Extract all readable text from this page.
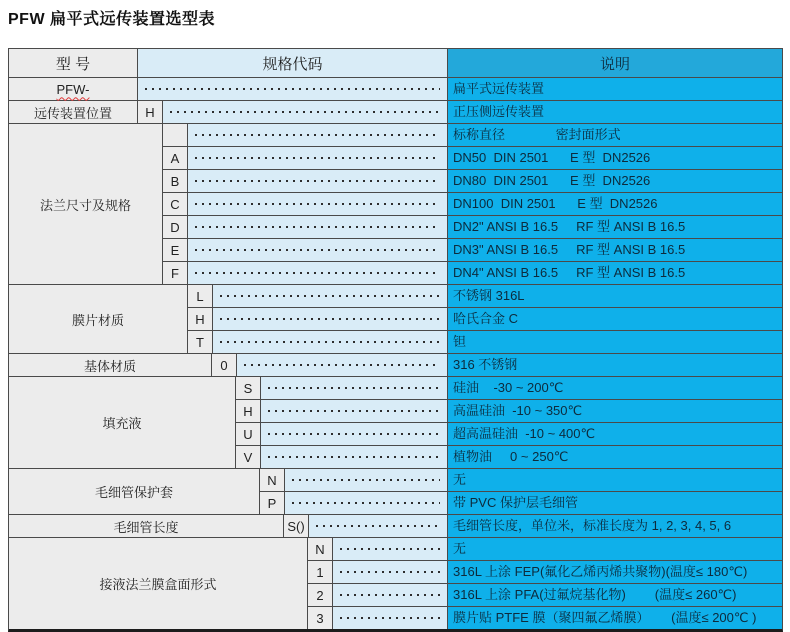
PFW 扁平式远传装置选型表
型 号	规格代码	说明
PFW-	扁平式远传装置
远传装置位置	H	正压侧远传装置
法兰尺寸及规格
标称直径              密封面形式
A	DN50  DIN 2501      E 型  DN2526
B	DN80  DIN 2501      E 型  DN2526
C	DN100  DIN 2501      E 型  DN2526
D	DN2" ANSI B 16.5     RF 型 ANSI B 16.5
E	DN3" ANSI B 16.5     RF 型 ANSI B 16.5
F	DN4" ANSI B 16.5     RF 型 ANSI B 16.5
膜片材质
L	不锈钢 316L
H	哈氏合金 C
T	钽
基体材质	0	316 不锈钢
填充液
S	硅油    -30 ~ 200℃
H	高温硅油  -10 ~ 350℃
U	超高温硅油  -10 ~ 400℃
V	植物油     0 ~ 250℃
毛细管保护套
N	无
P	带 PVC 保护层毛细管
毛细管长度	S()	毛细管长度，单位米，标准长度为 1, 2, 3, 4, 5, 6
接液法兰膜盒面形式
N	无
1	316L 上涂 FEP(氟化乙烯丙烯共聚物)(温度≤ 180℃)
2	316L 上涂 PFA(过氟烷基化物)        (温度≤ 260℃)
3	膜片贴 PTFE 膜（聚四氟乙烯膜）      (温度≤ 200℃ )
